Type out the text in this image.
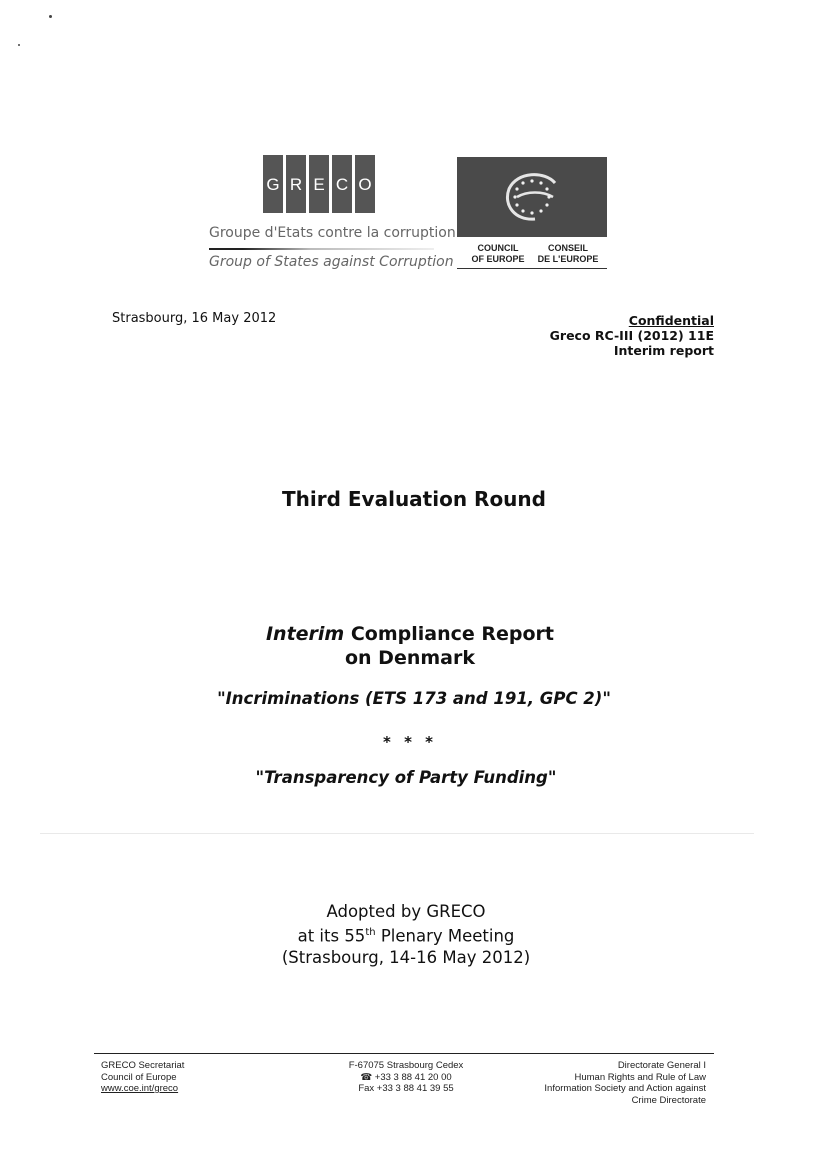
G R E C O
Groupe d'Etats contre la corruption
Group of States against Corruption
COUNCIL
OF EUROPE
CONSEIL
DE L'EUROPE
Strasbourg, 16 May 2012	Confidential
Greco RC-III (2012) 11E
Interim report
Third Evaluation Round
Interim Compliance Report
on Denmark
"Incriminations (ETS 173 and 191, GPC 2)"
* * *
"Transparency of Party Funding"
Adopted by GRECO
at its 55th Plenary Meeting
(Strasbourg, 14-16 May 2012)
GRECO Secretariat
Council of Europe
www.coe.int/greco
F-67075 Strasbourg Cedex
☎ +33 3 88 41 20 00
Fax +33 3 88 41 39 55
Directorate General I
Human Rights and Rule of Law
Information Society and Action against
Crime Directorate
